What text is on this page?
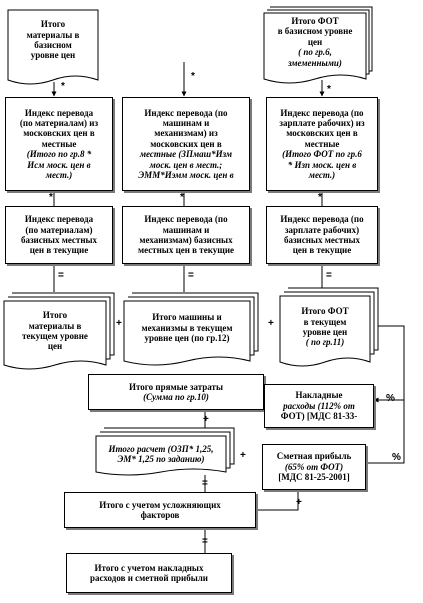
Итого
материалы в
базисном
уровне цен
Итого ФОТ
в базисном уровне
цен
( по гр.6,
змеменными)
Индекс перевода
(по материалам) из
московских цен в
местные
(Итого по гр.8 *
Исм моск. цен в
мест.)
Индекс перевода (по
машинам и
механизмам) из
московских цен в
местные (ЗПмаш*Изм
моск. цен в мест.;
ЭММ*Иэмм моск. цен в
Индекс перевода (по
зарплате рабочих) из
московских цен в
местные
(Итого ФОТ по гр.6
* Изп моск. цен в
мест.)
Индекс перевода
(по материалам)
базисных местных
цен в текущие
Индекс перевода (по
машинам и
механизмам) базисных
местных цен в текущие
Индекс перевода (по
зарплате рабочих)
базисных местных
цен в текущие
Итого
материалы в
текущем уровне
цен
Итого машины и
механизмы в текущем
уровне цен (по гр.12)
Итого ФОТ
в текущем
уровне цен
( по гр.11)
Итого прямые затраты
(Сумма по гр.10)	Накладные
расходы (112% от
ФОТ) [МДС 81-33-
Итого расчет (ОЗП* 1,25,
ЭМ* 1,25 по заданию)	Сметная прибыль
(65% от ФОТ)
[МДС 81-25-2001]
Итого с учетом усложняющих
факторов
Итого с учетом накладных
расходов и сметной прибыли
*
*
*
*	*	*
=	=	=
+	+
%
%
+
+
=
+
=
